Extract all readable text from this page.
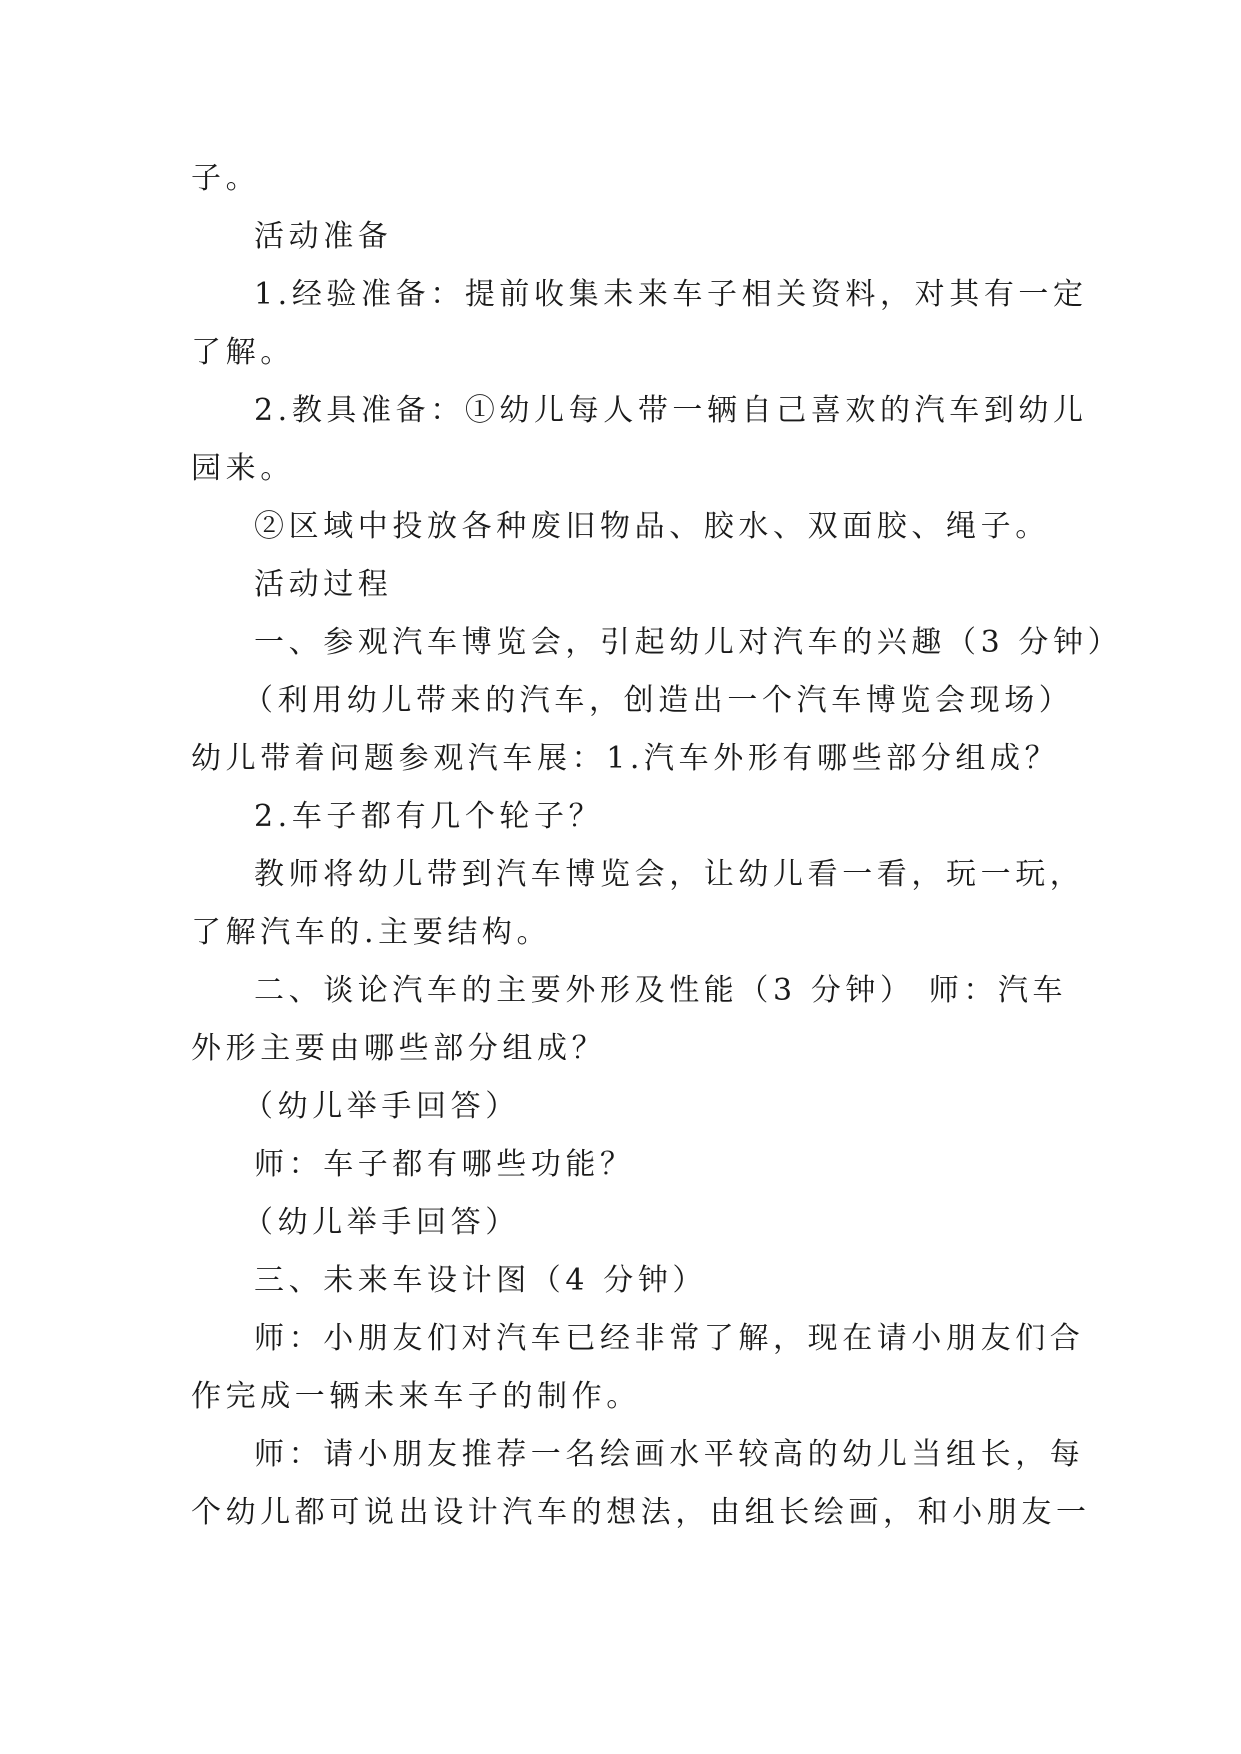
子。
活动准备
1.经验准备：提前收集未来车子相关资料，对其有一定
了解。
2.教具准备：①幼儿每人带一辆自己喜欢的汽车到幼儿
园来。
②区域中投放各种废旧物品、胶水、双面胶、绳子。
活动过程
一、参观汽车博览会，引起幼儿对汽车的兴趣（3 分钟）
（利用幼儿带来的汽车，创造出一个汽车博览会现场）
幼儿带着问题参观汽车展：1.汽车外形有哪些部分组成？
2.车子都有几个轮子？
教师将幼儿带到汽车博览会，让幼儿看一看，玩一玩，
了解汽车的.主要结构。
二、谈论汽车的主要外形及性能（3 分钟） 师：汽车
外形主要由哪些部分组成？
（幼儿举手回答）
师：车子都有哪些功能？
（幼儿举手回答）
三、未来车设计图（4 分钟）
师：小朋友们对汽车已经非常了解，现在请小朋友们合
作完成一辆未来车子的制作。
师：请小朋友推荐一名绘画水平较高的幼儿当组长，每
个幼儿都可说出设计汽车的想法，由组长绘画，和小朋友一
